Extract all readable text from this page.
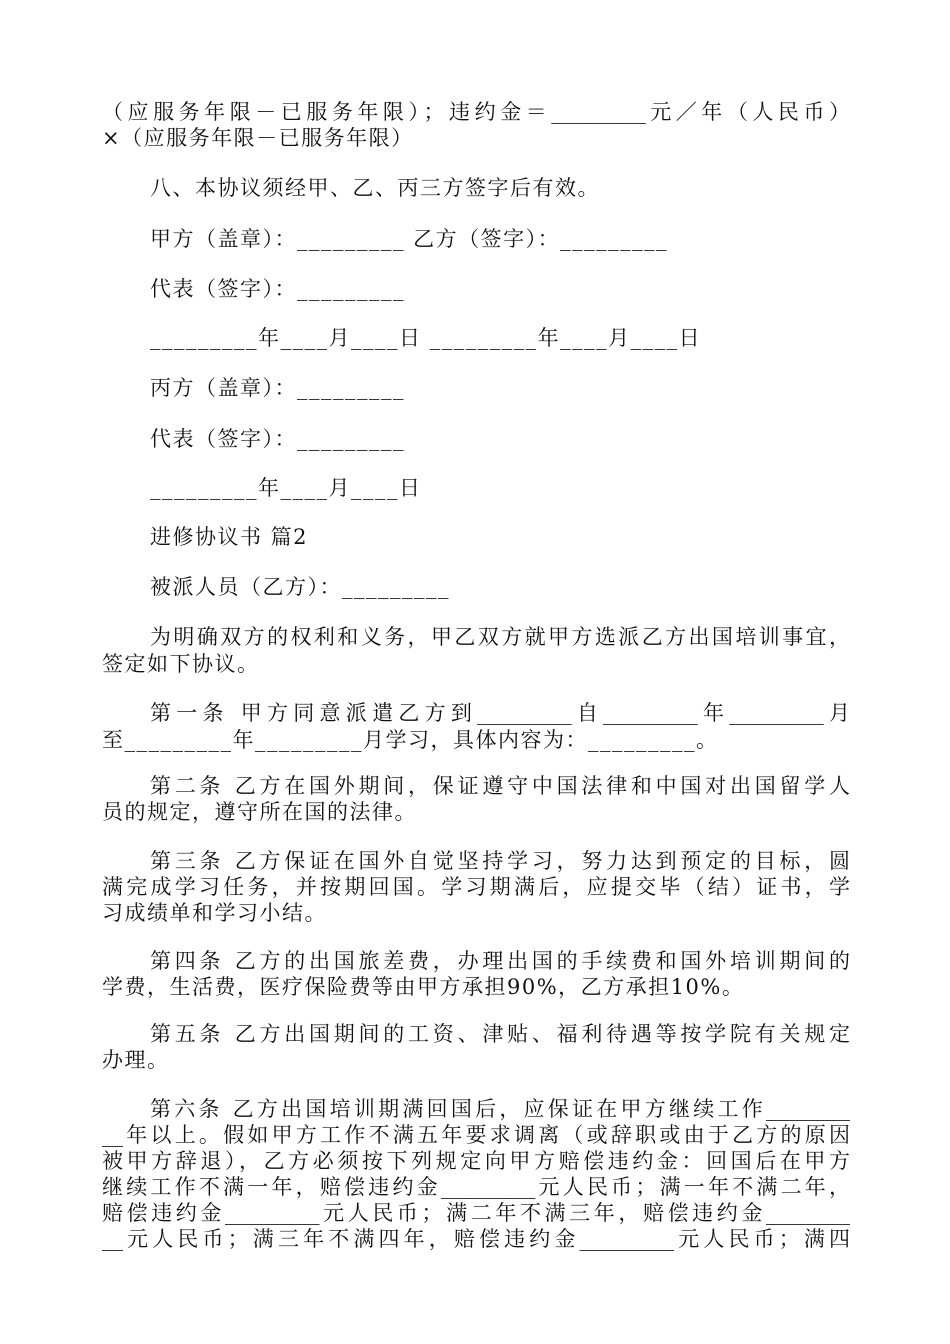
（应服务年限－已服务年限）；违约金＝_________元／年（人民币）
×（应服务年限－已服务年限）
八、本协议须经甲、乙、丙三方签字后有效。
甲方（盖章）：_________ 乙方（签字）：_________
代表（签字）：_________
_________年____月____日 _________年____月____日
丙方（盖章）：_________
代表（签字）：_________
_________年____月____日
进修协议书 篇2
被派人员（乙方）：_________
为明确双方的权利和义务，甲乙双方就甲方选派乙方出国培训事宜，
签定如下协议。
第一条 甲方同意派遣乙方到_________自_________年_________月
至_________年_________月学习，具体内容为：_________。
第二条 乙方在国外期间，保证遵守中国法律和中国对出国留学人
员的规定，遵守所在国的法律。
第三条 乙方保证在国外自觉坚持学习，努力达到预定的目标，圆
满完成学习任务，并按期回国。学习期满后，应提交毕（结）证书，学
习成绩单和学习小结。
第四条 乙方的出国旅差费，办理出国的手续费和国外培训期间的
学费，生活费，医疗保险费等由甲方承担90%，乙方承担10%。
第五条 乙方出国期间的工资、津贴、福利待遇等按学院有关规定
办理。
第六条 乙方出国培训期满回国后，应保证在甲方继续工作________
__年以上。假如甲方工作不满五年要求调离（或辞职或由于乙方的原因
被甲方辞退），乙方必须按下列规定向甲方赔偿违约金：回国后在甲方
继续工作不满一年，赔偿违约金_________元人民币；满一年不满二年，
赔偿违约金_________元人民币；满二年不满三年，赔偿违约金________
__元人民币；满三年不满四年，赔偿违约金_________元人民币；满四
